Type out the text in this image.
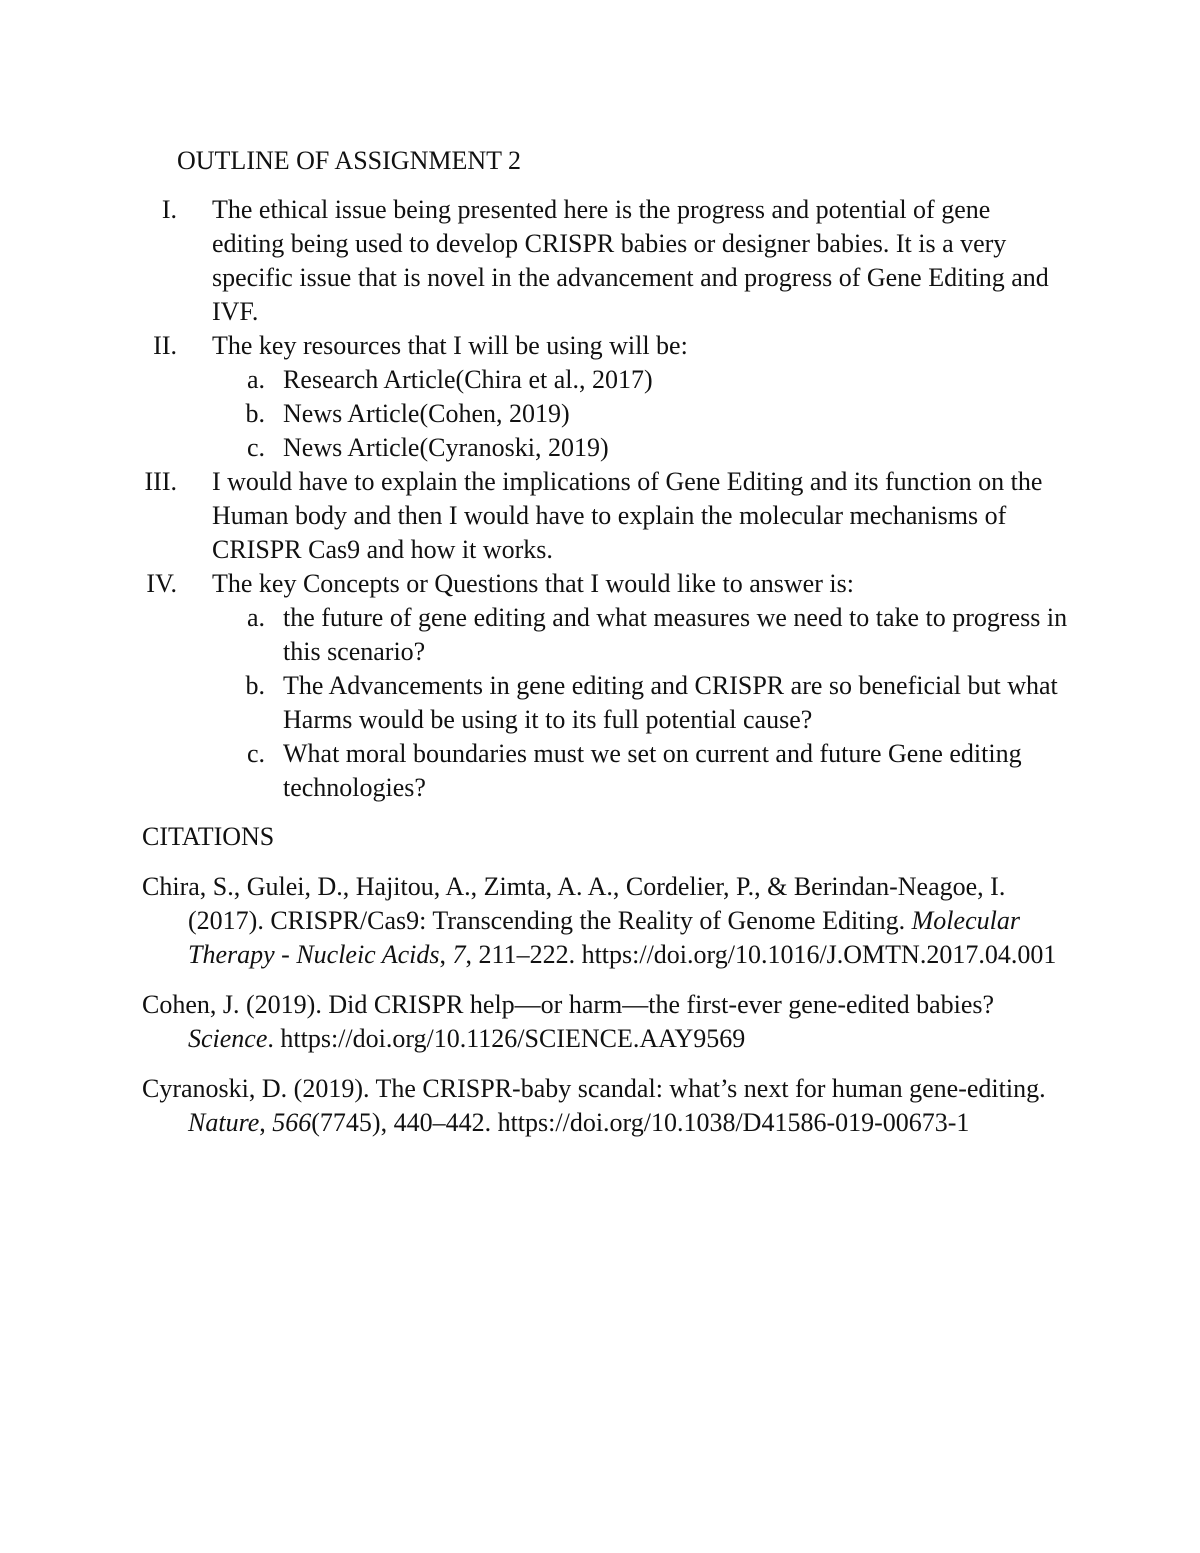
OUTLINE OF ASSIGNMENT 2
I. The ethical issue being presented here is the progress and potential of gene editing being used to develop CRISPR babies or designer babies. It is a very specific issue that is novel in the advancement and progress of Gene Editing and IVF.
II. The key resources that I will be using will be:
a. Research Article(Chira et al., 2017)
b. News Article(Cohen, 2019)
c. News Article(Cyranoski, 2019)
III. I would have to explain the implications of Gene Editing and its function on the Human body and then I would have to explain the molecular mechanisms of CRISPR Cas9 and how it works.
IV. The key Concepts or Questions that I would like to answer is:
a. the future of gene editing and what measures we need to take to progress in this scenario?
b. The Advancements in gene editing and CRISPR are so beneficial but what Harms would be using it to its full potential cause?
c. What moral boundaries must we set on current and future Gene editing technologies?
CITATIONS
Chira, S., Gulei, D., Hajitou, A., Zimta, A. A., Cordelier, P., & Berindan-Neagoe, I. (2017). CRISPR/Cas9: Transcending the Reality of Genome Editing. Molecular Therapy - Nucleic Acids, 7, 211–222. https://doi.org/10.1016/J.OMTN.2017.04.001
Cohen, J. (2019). Did CRISPR help—or harm—the first-ever gene-edited babies? Science. https://doi.org/10.1126/SCIENCE.AAY9569
Cyranoski, D. (2019). The CRISPR-baby scandal: what’s next for human gene-editing. Nature, 566(7745), 440–442. https://doi.org/10.1038/D41586-019-00673-1
